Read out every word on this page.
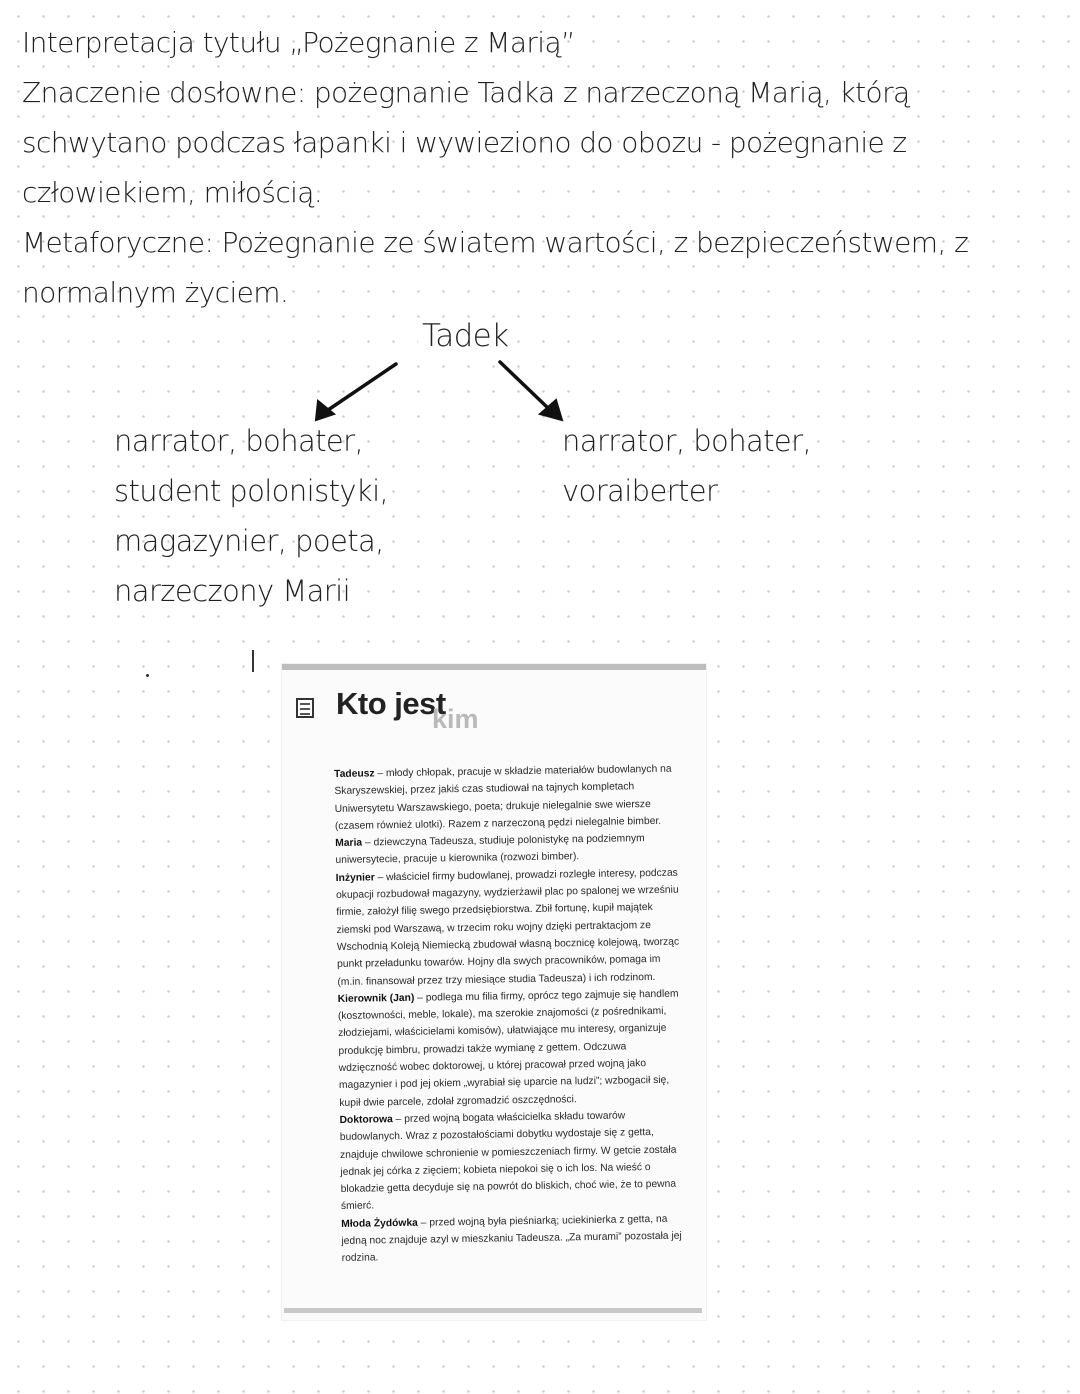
Interpretacja tytułu „Pożegnanie z Marią”

Znaczenie dosłowne: pożegnanie Tadka z narzeczoną Marią, którą schwytano podczas łapanki i wywieziono do obozu - pożegnanie z człowiekiem, miłością.

Metaforyczne: Pożegnanie ze światem wartości, z bezpieczeństwem, z normalnym życiem.

Tadek
narrator, bohater,
student polonistyki,
magazynier, poeta,
narzeczony Marii
narrator, bohater,
voraiberter
Kto jest
kim

Tadeusz – młody chłopak, pracuje w składzie materiałów budowlanych na Skaryszewskiej, przez jakiś czas studiował na tajnych kompletach Uniwersytetu Warszawskiego, poeta; drukuje nielegalnie swe wiersze (czasem również ulotki). Razem z narzeczoną pędzi nielegalnie bimber.

Maria – dziewczyna Tadeusza, studiuje polonistykę na podziemnym uniwersytecie, pracuje u kierownika (rozwozi bimber).

Inżynier – właściciel firmy budowlanej, prowadzi rozległe interesy, podczas okupacji rozbudował magazyny, wydzierżawił plac po spalonej we wrześniu firmie, założył filię swego przedsiębiorstwa. Zbił fortunę, kupił majątek ziemski pod Warszawą, w trzecim roku wojny dzięki pertraktacjom ze Wschodnią Koleją Niemiecką zbudował własną bocznicę kolejową, tworząc punkt przeładunku towarów. Hojny dla swych pracowników, pomaga im (m.in. finansował przez trzy miesiące studia Tadeusza) i ich rodzinom.

Kierownik (Jan) – podlega mu filia firmy, oprócz tego zajmuje się handlem (kosztowności, meble, lokale), ma szerokie znajomości (z pośrednikami, złodziejami, właścicielami komisów), ułatwiające mu interesy, organizuje produkcję bimbru, prowadzi także wymianę z gettem. Odczuwa wdzięczność wobec doktorowej, u której pracował przed wojną jako magazynier i pod jej okiem „wyrabiał się uparcie na ludzi”; wzbogacił się, kupił dwie parcele, zdołał zgromadzić oszczędności.

Doktorowa – przed wojną bogata właścicielka składu towarów budowlanych. Wraz z pozostałościami dobytku wydostaje się z getta, znajduje chwilowe schronienie w pomieszczeniach firmy. W getcie została jednak jej córka z zięciem; kobieta niepokoi się o ich los. Na wieść o blokadzie getta decyduje się na powrót do bliskich, choć wie, że to pewna śmierć.

Młoda Żydówka – przed wojną była pieśniarką; uciekinierka z getta, na jedną noc znajduje azyl w mieszkaniu Tadeusza. „Za murami” pozostała jej rodzina.
